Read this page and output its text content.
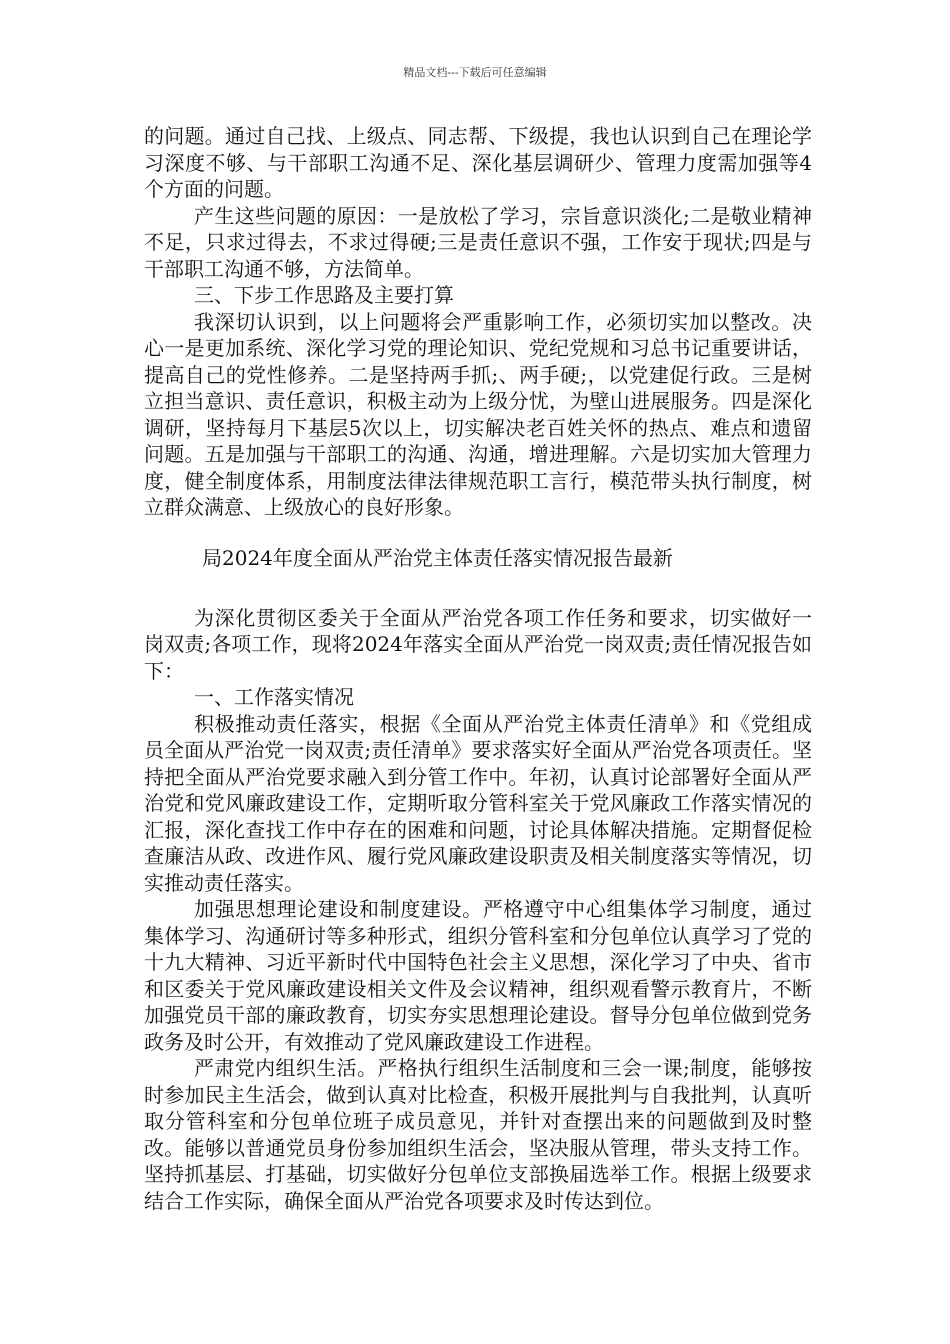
精品文档---下载后可任意编辑

的问题。通过自己找、上级点、同志帮、下级提，我也认识到自己在理论学习深度不够、与干部职工沟通不足、深化基层调研少、管理力度需加强等4个方面的问题。

产生这些问题的原因：一是放松了学习，宗旨意识淡化;二是敬业精神不足，只求过得去，不求过得硬;三是责任意识不强，工作安于现状;四是与干部职工沟通不够，方法简单。

三、下步工作思路及主要打算

我深切认识到，以上问题将会严重影响工作，必须切实加以整改。决心一是更加系统、深化学习党的理论知识、党纪党规和习总书记重要讲话，提高自己的党性修养。二是坚持两手抓;、两手硬;，以党建促行政。三是树立担当意识、责任意识，积极主动为上级分忧，为壁山进展服务。四是深化调研，坚持每月下基层5次以上，切实解决老百姓关怀的热点、难点和遗留问题。五是加强与干部职工的沟通、沟通，增进理解。六是切实加大管理力度，健全制度体系，用制度法律法律规范职工言行，模范带头执行制度，树立群众满意、上级放心的良好形象。

局2024年度全面从严治党主体责任落实情况报告最新

为深化贯彻区委关于全面从严治党各项工作任务和要求，切实做好一岗双责;各项工作，现将2024年落实全面从严治党一岗双责;责任情况报告如下：

一、工作落实情况

积极推动责任落实，根据《全面从严治党主体责任清单》和《党组成员全面从严治党一岗双责;责任清单》要求落实好全面从严治党各项责任。坚持把全面从严治党要求融入到分管工作中。年初，认真讨论部署好全面从严治党和党风廉政建设工作，定期听取分管科室关于党风廉政工作落实情况的汇报，深化查找工作中存在的困难和问题，讨论具体解决措施。定期督促检查廉洁从政、改进作风、履行党风廉政建设职责及相关制度落实等情况，切实推动责任落实。

加强思想理论建设和制度建设。严格遵守中心组集体学习制度，通过集体学习、沟通研讨等多种形式，组织分管科室和分包单位认真学习了党的十九大精神、习近平新时代中国特色社会主义思想，深化学习了中央、省市和区委关于党风廉政建设相关文件及会议精神，组织观看警示教育片，不断加强党员干部的廉政教育，切实夯实思想理论建设。督导分包单位做到党务政务及时公开，有效推动了党风廉政建设工作进程。

严肃党内组织生活。严格执行组织生活制度和三会一课;制度，能够按时参加民主生活会，做到认真对比检查，积极开展批判与自我批判，认真听取分管科室和分包单位班子成员意见，并针对查摆出来的问题做到及时整改。能够以普通党员身份参加组织生活会，坚决服从管理，带头支持工作。坚持抓基层、打基础，切实做好分包单位支部换届选举工作。根据上级要求结合工作实际，确保全面从严治党各项要求及时传达到位。
